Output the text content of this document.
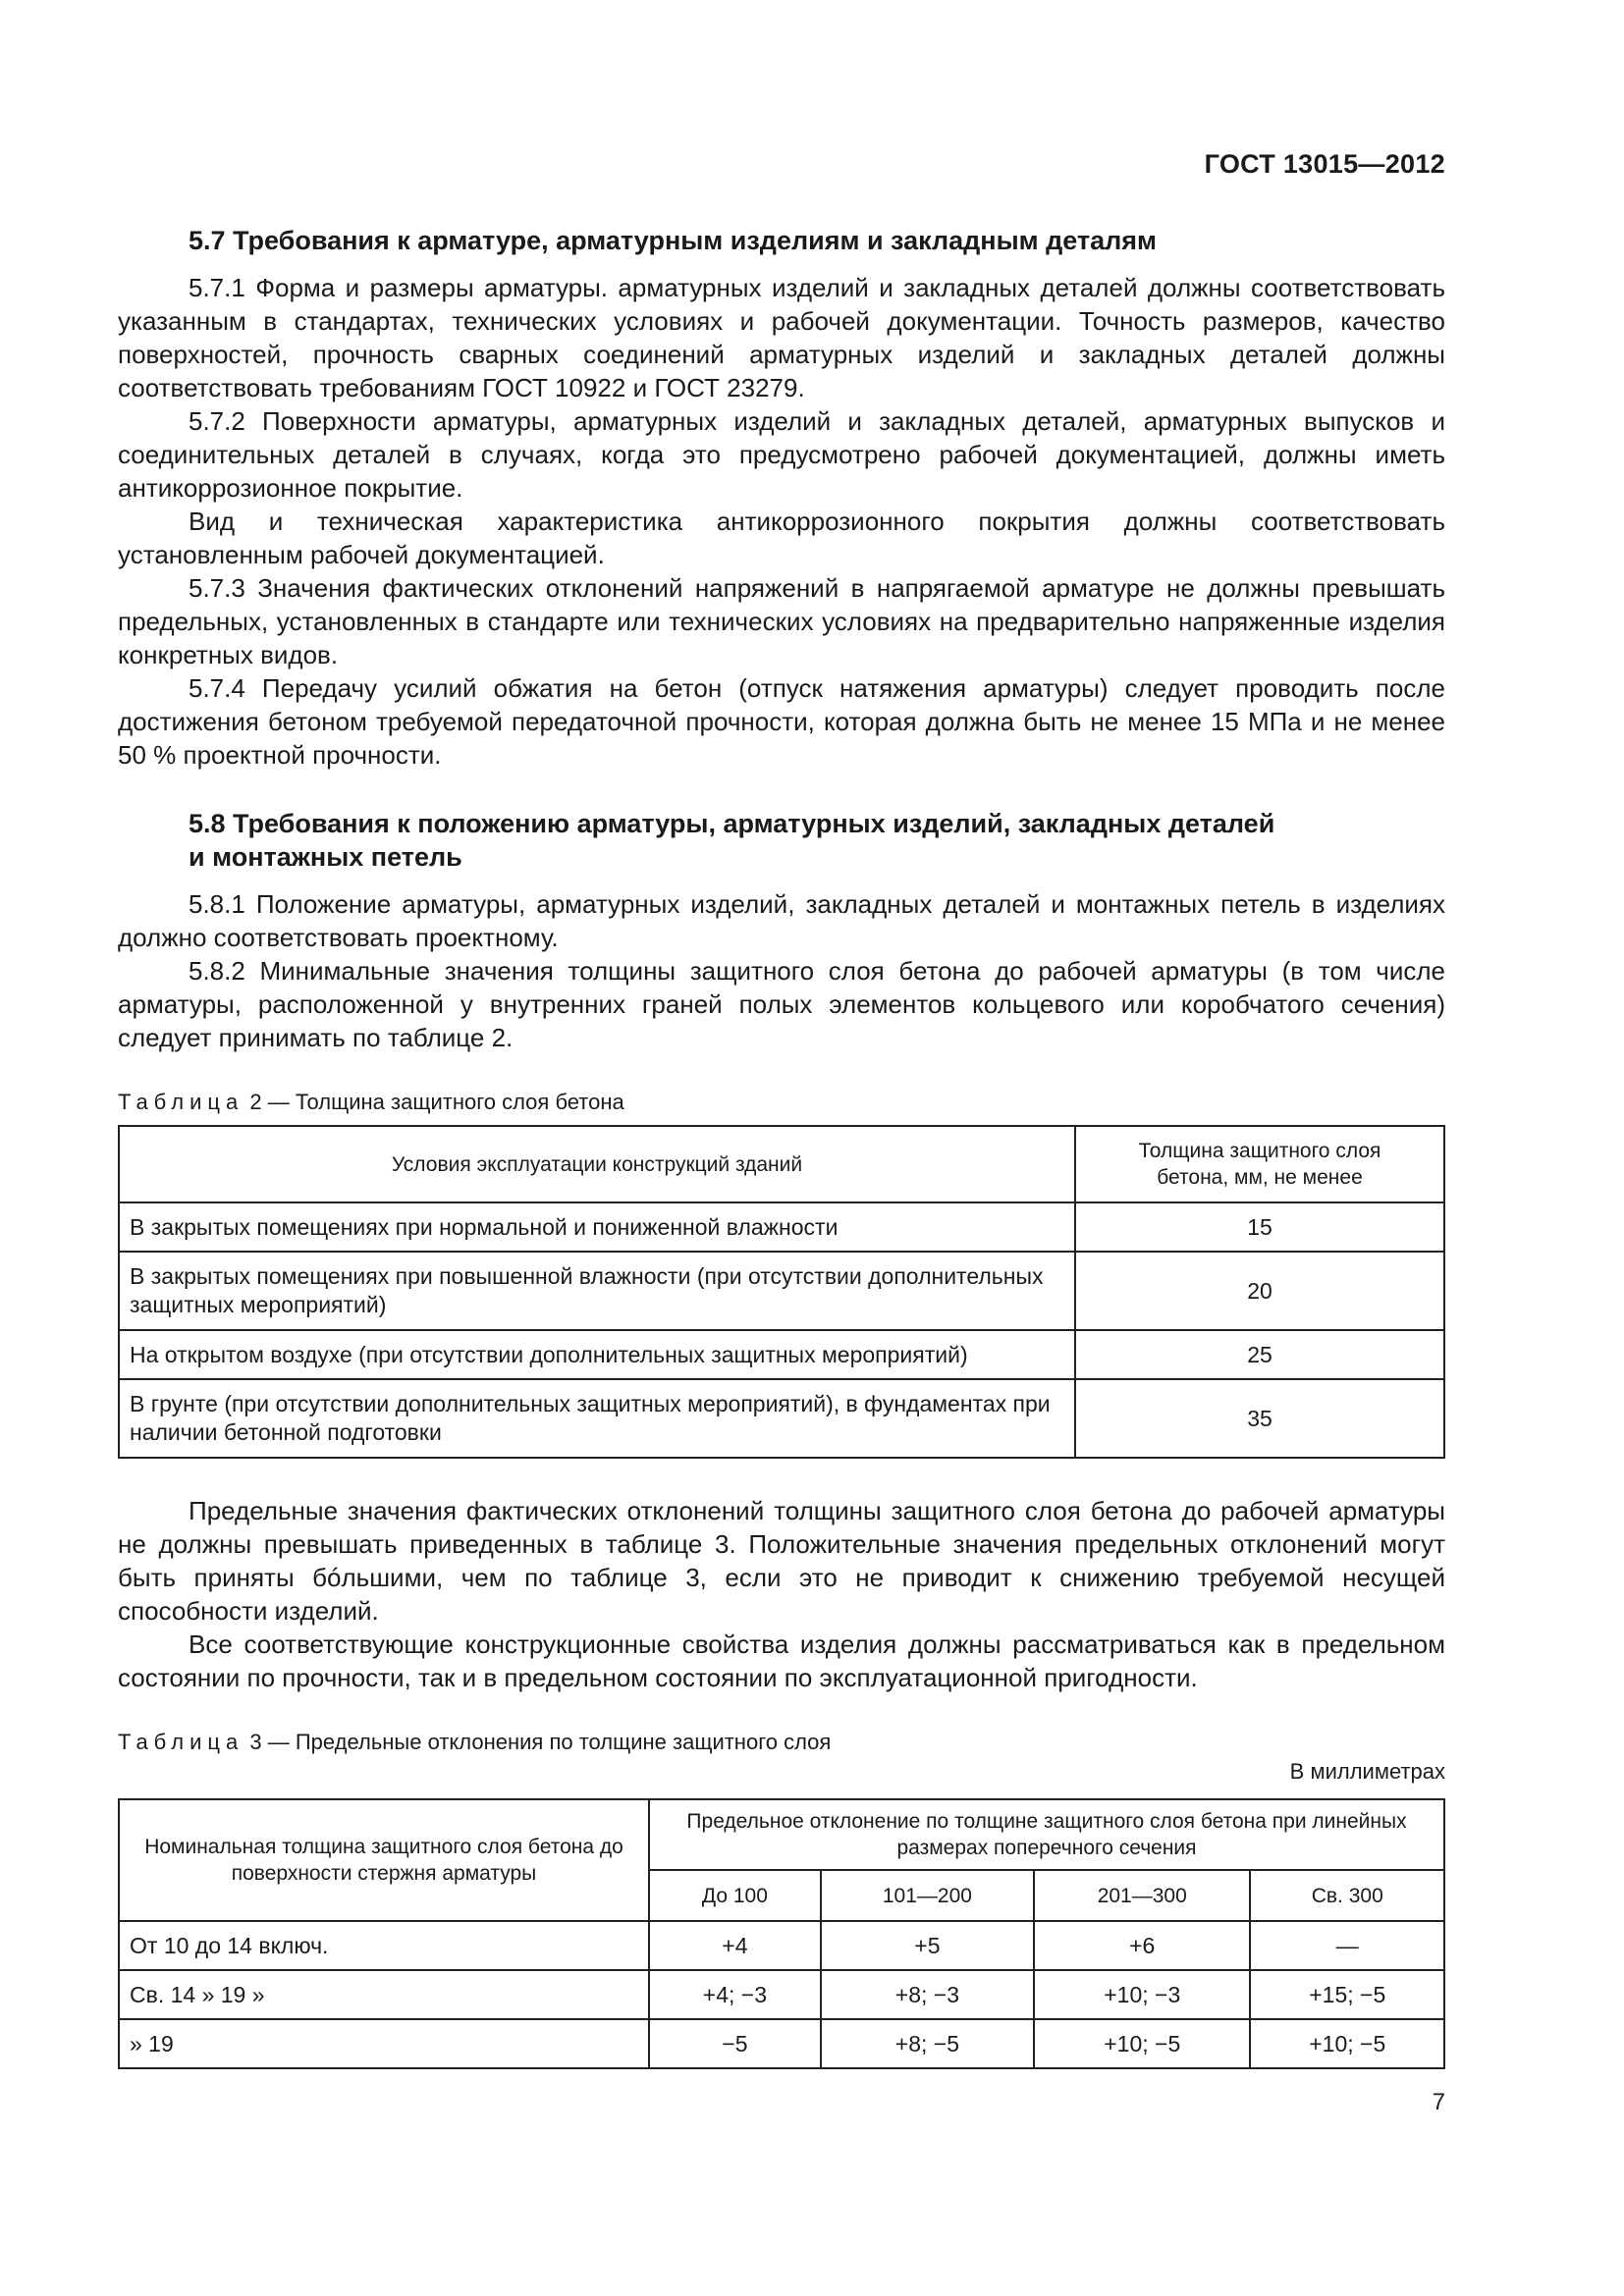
ГОСТ 13015—2012
5.7 Требования к арматуре, арматурным изделиям и закладным деталям

5.7.1 Форма и размеры арматуры. арматурных изделий и закладных деталей должны соответствовать указанным в стандартах, технических условиях и рабочей документации. Точность размеров, качество поверхностей, прочность сварных соединений арматурных изделий и закладных деталей должны соответствовать требованиям ГОСТ 10922 и ГОСТ 23279.

5.7.2 Поверхности арматуры, арматурных изделий и закладных деталей, арматурных выпусков и соединительных деталей в случаях, когда это предусмотрено рабочей документацией, должны иметь антикоррозионное покрытие.

Вид и техническая характеристика антикоррозионного покрытия должны соответствовать установленным рабочей документацией.

5.7.3 Значения фактических отклонений напряжений в напрягаемой арматуре не должны превышать предельных, установленных в стандарте или технических условиях на предварительно напряженные изделия конкретных видов.

5.7.4 Передачу усилий обжатия на бетон (отпуск натяжения арматуры) следует проводить после достижения бетоном требуемой передаточной прочности, которая должна быть не менее 15 МПа и не менее 50 % проектной прочности.

5.8 Требования к положению арматуры, арматурных изделий, закладных деталей
и монтажных петель

5.8.1 Положение арматуры, арматурных изделий, закладных деталей и монтажных петель в изделиях должно соответствовать проектному.

5.8.2 Минимальные значения толщины защитного слоя бетона до рабочей арматуры (в том числе арматуры, расположенной у внутренних граней полых элементов кольцевого или коробчатого сечения) следует принимать по таблице 2.

Таблица 2 — Толщина защитного слоя бетона
Условия эксплуатации конструкций зданий	Толщина защитного слоя бетона, мм, не менее
В закрытых помещениях при нормальной и пониженной влажности	15
В закрытых помещениях при повышенной влажности (при отсутствии дополнительных защитных мероприятий)	20
На открытом воздухе (при отсутствии дополнительных защитных мероприятий)	25
В грунте (при отсутствии дополнительных защитных мероприятий), в фундаментах при наличии бетонной подготовки	35

Предельные значения фактических отклонений толщины защитного слоя бетона до рабочей арматуры не должны превышать приведенных в таблице 3. Положительные значения предельных отклонений могут быть приняты бóльшими, чем по таблице 3, если это не приводит к снижению требуемой несущей способности изделий.

Все соответствующие конструкционные свойства изделия должны рассматриваться как в предельном состоянии по прочности, так и в предельном состоянии по эксплуатационной пригодности.

Таблица 3 — Предельные отклонения по толщине защитного слоя
В миллиметрах
Номинальная толщина защитного слоя бетона до поверхности стержня арматуры	Предельное отклонение по толщине защитного слоя бетона при линейных размерах поперечного сечения			
	До 100	101—200	201—300	Св. 300
От 10 до 14 включ.	+4	+5	+6	—
Св. 14 » 19 »	+4; −3	+8; −3	+10; −3	+15; −5
» 19	−5	+8; −5	+10; −5	+10; −5
7
